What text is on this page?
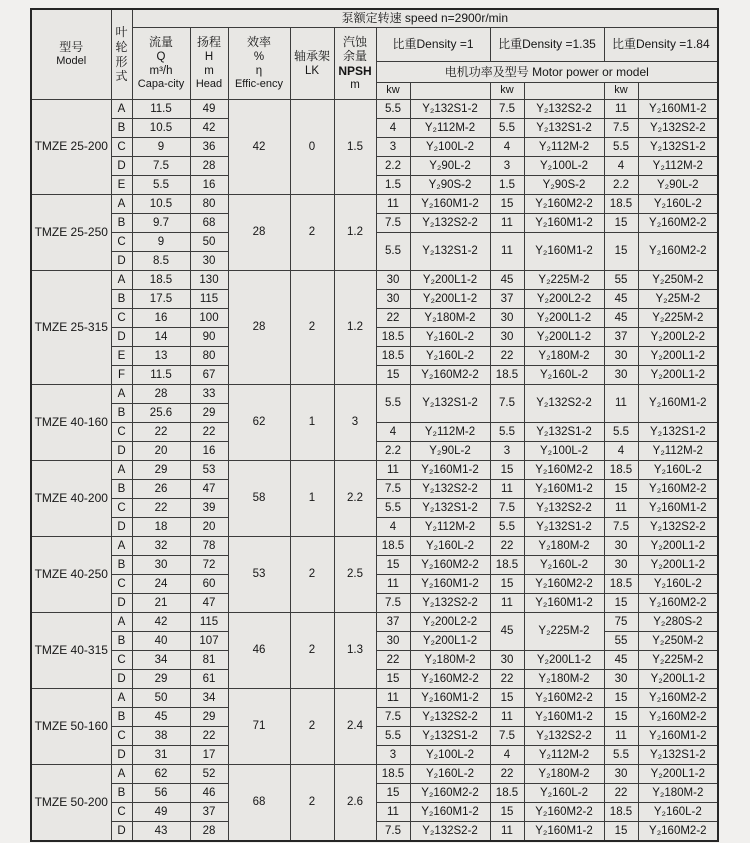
型号
Model

叶
轮
形
式
	泵额定转速 speed n=2900r/min

流量
Q
m³/h
Capa-city

扬程
H
m
Head

效率
%
η
Effic-ency

轴承架
LK

汽蚀
余量
NPSH
m
	比重Density =1	比重Density =1.35	比重Density =1.84
							电机功率及型号 Motor power or model					
							kw		kw		kw	
TMZE 25-200	A	11.5	49	42	0	1.5	5.5	Y₂132S1-2	7.5	Y₂132S2-2	11	Y₂160M1-2
	B	10.5	42				4	Y₂112M-2	5.5	Y₂132S1-2	7.5	Y₂132S2-2
	C	9	36				3	Y₂100L-2	4	Y₂112M-2	5.5	Y₂132S1-2
	D	7.5	28				2.2	Y₂90L-2	3	Y₂100L-2	4	Y₂112M-2
	E	5.5	16				1.5	Y₂90S-2	1.5	Y₂90S-2	2.2	Y₂90L-2
TMZE 25-250	A	10.5	80	28	2	1.2	11	Y₂160M1-2	15	Y₂160M2-2	18.5	Y₂160L-2
	B	9.7	68				7.5	Y₂132S2-2	11	Y₂160M1-2	15	Y₂160M2-2
	C	9	50				5.5	Y₂132S1-2	11	Y₂160M1-2	15	Y₂160M2-2
	D	8.5	30									
TMZE 25-315	A	18.5	130	28	2	1.2	30	Y₂200L1-2	45	Y₂225M-2	55	Y₂250M-2
	B	17.5	115				30	Y₂200L1-2	37	Y₂200L2-2	45	Y₂25M-2
	C	16	100				22	Y₂180M-2	30	Y₂200L1-2	45	Y₂225M-2
	D	14	90				18.5	Y₂160L-2	30	Y₂200L1-2	37	Y₂200L2-2
	E	13	80				18.5	Y₂160L-2	22	Y₂180M-2	30	Y₂200L1-2
	F	11.5	67				15	Y₂160M2-2	18.5	Y₂160L-2	30	Y₂200L1-2
TMZE 40-160	A	28	33	62	1	3	5.5	Y₂132S1-2	7.5	Y₂132S2-2	11	Y₂160M1-2
	B	25.6	29									
	C	22	22				4	Y₂112M-2	5.5	Y₂132S1-2	5.5	Y₂132S1-2
	D	20	16				2.2	Y₂90L-2	3	Y₂100L-2	4	Y₂112M-2
TMZE 40-200	A	29	53	58	1	2.2	11	Y₂160M1-2	15	Y₂160M2-2	18.5	Y₂160L-2
	B	26	47				7.5	Y₂132S2-2	11	Y₂160M1-2	15	Y₂160M2-2
	C	22	39				5.5	Y₂132S1-2	7.5	Y₂132S2-2	11	Y₂160M1-2
	D	18	20				4	Y₂112M-2	5.5	Y₂132S1-2	7.5	Y₂132S2-2
TMZE 40-250	A	32	78	53	2	2.5	18.5	Y₂160L-2	22	Y₂180M-2	30	Y₂200L1-2
	B	30	72				15	Y₂160M2-2	18.5	Y₂160L-2	30	Y₂200L1-2
	C	24	60				11	Y₂160M1-2	15	Y₂160M2-2	18.5	Y₂160L-2
	D	21	47				7.5	Y₂132S2-2	11	Y₂160M1-2	15	Y₂160M2-2
TMZE 40-315	A	42	115	46	2	1.3	37	Y₂200L2-2	45	Y₂225M-2	75	Y₂280S-2
	B	40	107				30	Y₂200L1-2			55	Y₂250M-2
	C	34	81				22	Y₂180M-2	30	Y₂200L1-2	45	Y₂225M-2
	D	29	61				15	Y₂160M2-2	22	Y₂180M-2	30	Y₂200L1-2
TMZE 50-160	A	50	34	71	2	2.4	11	Y₂160M1-2	15	Y₂160M2-2	15	Y₂160M2-2
	B	45	29				7.5	Y₂132S2-2	11	Y₂160M1-2	15	Y₂160M2-2
	C	38	22				5.5	Y₂132S1-2	7.5	Y₂132S2-2	11	Y₂160M1-2
	D	31	17				3	Y₂100L-2	4	Y₂112M-2	5.5	Y₂132S1-2
TMZE 50-200	A	62	52	68	2	2.6	18.5	Y₂160L-2	22	Y₂180M-2	30	Y₂200L1-2
	B	56	46				15	Y₂160M2-2	18.5	Y₂160L-2	22	Y₂180M-2
	C	49	37				11	Y₂160M1-2	15	Y₂160M2-2	18.5	Y₂160L-2
	D	43	28				7.5	Y₂132S2-2	11	Y₂160M1-2	15	Y₂160M2-2
